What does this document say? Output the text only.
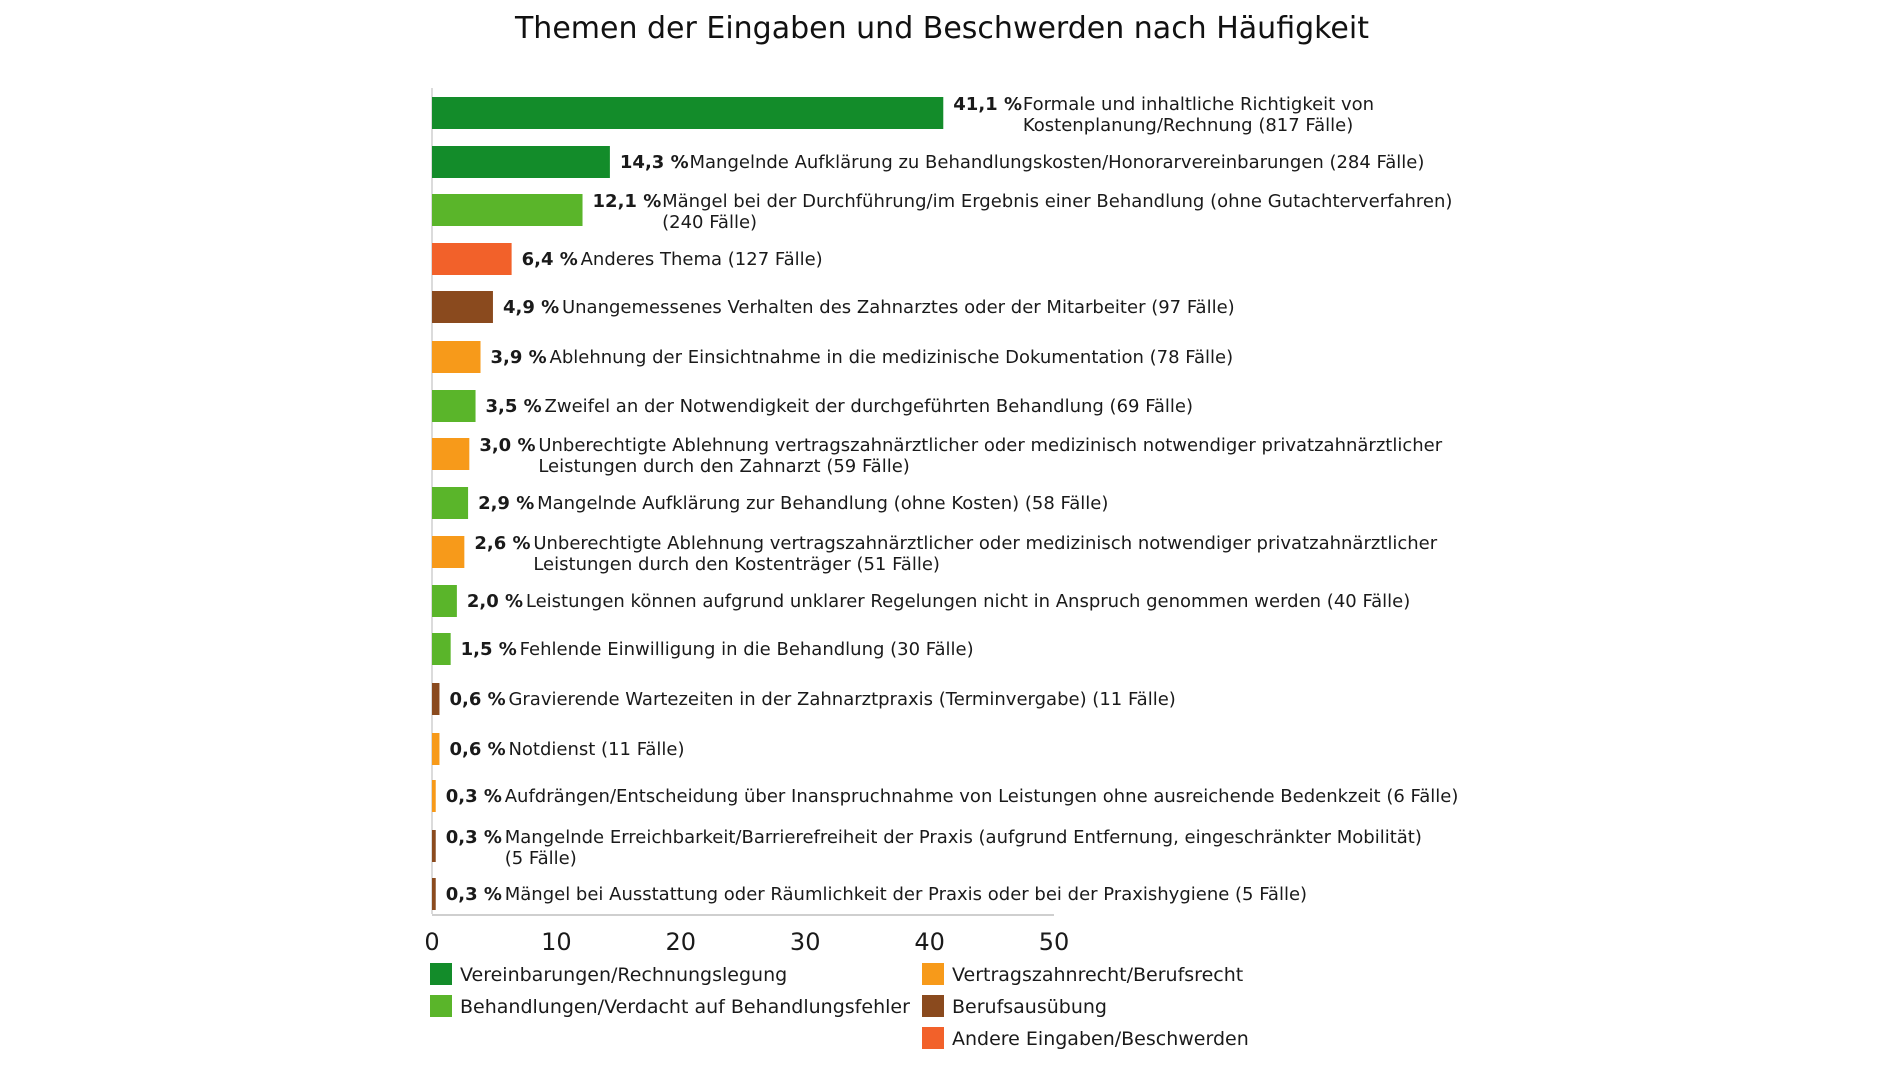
Themen der Eingaben und Beschwerden nach Häufigkeit
41,1 % Formale und inhaltliche Richtigkeit von
Kostenplanung/Rechnung (817 Fälle)
14,3 % Mangelnde Aufklärung zu Behandlungskosten/Honorarvereinbarungen (284 Fälle)
12,1 % Mängel bei der Durchführung/im Ergebnis einer Behandlung (ohne Gutachterverfahren)
(240 Fälle)
6,4 % Anderes Thema (127 Fälle)
4,9 % Unangemessenes Verhalten des Zahnarztes oder der Mitarbeiter (97 Fälle)
3,9 % Ablehnung der Einsichtnahme in die medizinische Dokumentation (78 Fälle)
3,5 % Zweifel an der Notwendigkeit der durchgeführten Behandlung (69 Fälle)
3,0 % Unberechtigte Ablehnung vertragszahnärztlicher oder medizinisch notwendiger privatzahnärztlicher
Leistungen durch den Zahnarzt (59 Fälle)
2,9 % Mangelnde Aufklärung zur Behandlung (ohne Kosten) (58 Fälle)
2,6 % Unberechtigte Ablehnung vertragszahnärztlicher oder medizinisch notwendiger privatzahnärztlicher
Leistungen durch den Kostenträger (51 Fälle)
2,0 % Leistungen können aufgrund unklarer Regelungen nicht in Anspruch genommen werden (40 Fälle)
1,5 % Fehlende Einwilligung in die Behandlung (30 Fälle)
0,6 % Gravierende Wartezeiten in der Zahnarztpraxis (Terminvergabe) (11 Fälle)
0,6 % Notdienst (11 Fälle)
0,3 % Aufdrängen/Entscheidung über Inanspruchnahme von Leistungen ohne ausreichende Bedenkzeit (6 Fälle)
0,3 % Mangelnde Erreichbarkeit/Barrierefreiheit der Praxis (aufgrund Entfernung, eingeschränkter Mobilität)
(5 Fälle)
0,3 % Mängel bei Ausstattung oder Räumlichkeit der Praxis oder bei der Praxishygiene (5 Fälle)
0	10	20	30	40	50
Vereinbarungen/Rechnungslegung
Behandlungen/Verdacht auf Behandlungsfehler
Vertragszahnrecht/Berufsrecht
Berufsausübung
Andere Eingaben/Beschwerden
